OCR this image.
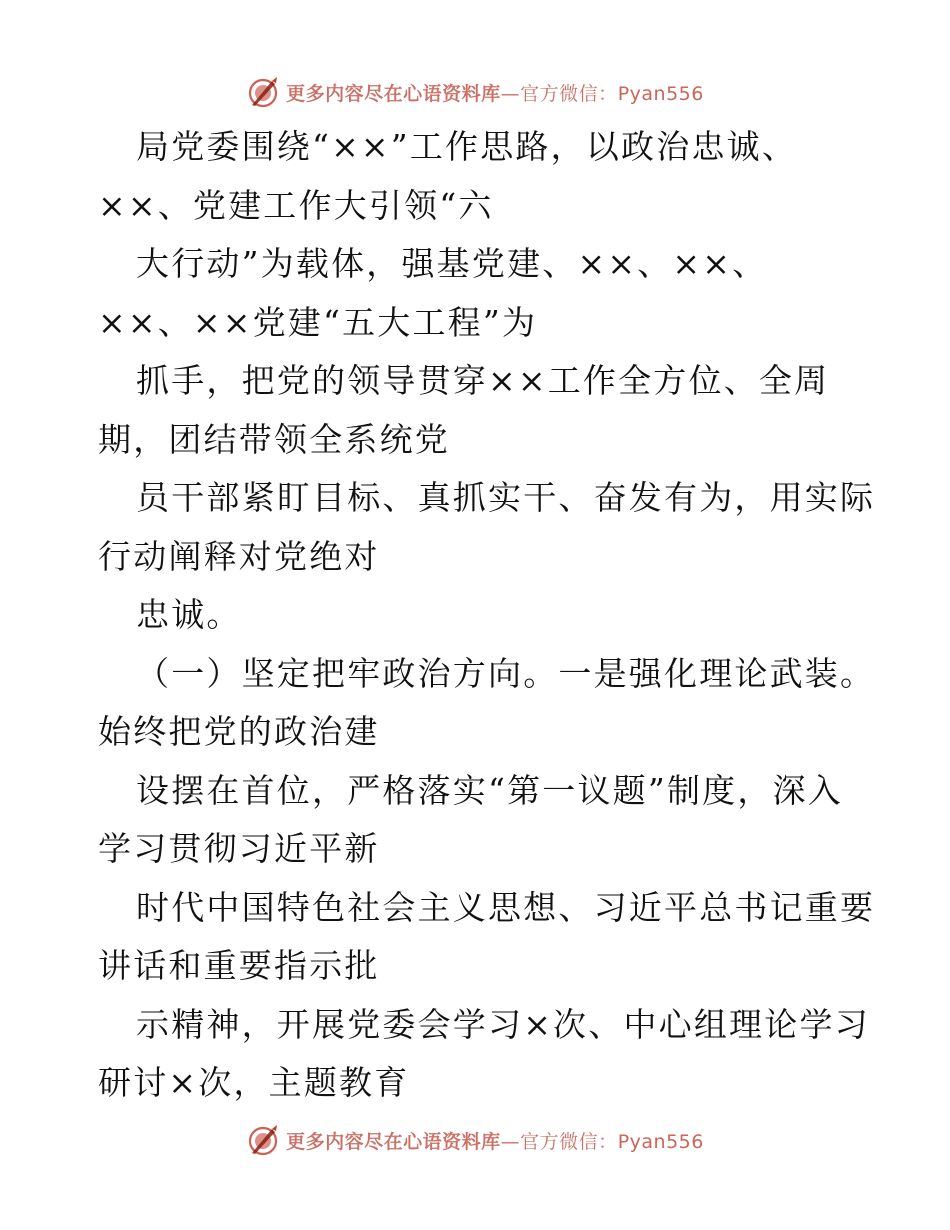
更多内容尽在心语资料库—官方微信：Pyan556
局党委围绕“××”工作思路，以政治忠诚、
××、党建工作大引领“六
大行动”为载体，强基党建、××、××、
××、××党建“五大工程”为
抓手，把党的领导贯穿××工作全方位、全周
期，团结带领全系统党
员干部紧盯目标、真抓实干、奋发有为，用实际
行动阐释对党绝对
忠诚。
（一）坚定把牢政治方向。一是强化理论武装。
始终把党的政治建
设摆在首位，严格落实“第一议题”制度，深入
学习贯彻习近平新
时代中国特色社会主义思想、习近平总书记重要
讲话和重要指示批
示精神，开展党委会学习×次、中心组理论学习
研讨×次，主题教育
更多内容尽在心语资料库—官方微信：Pyan556
